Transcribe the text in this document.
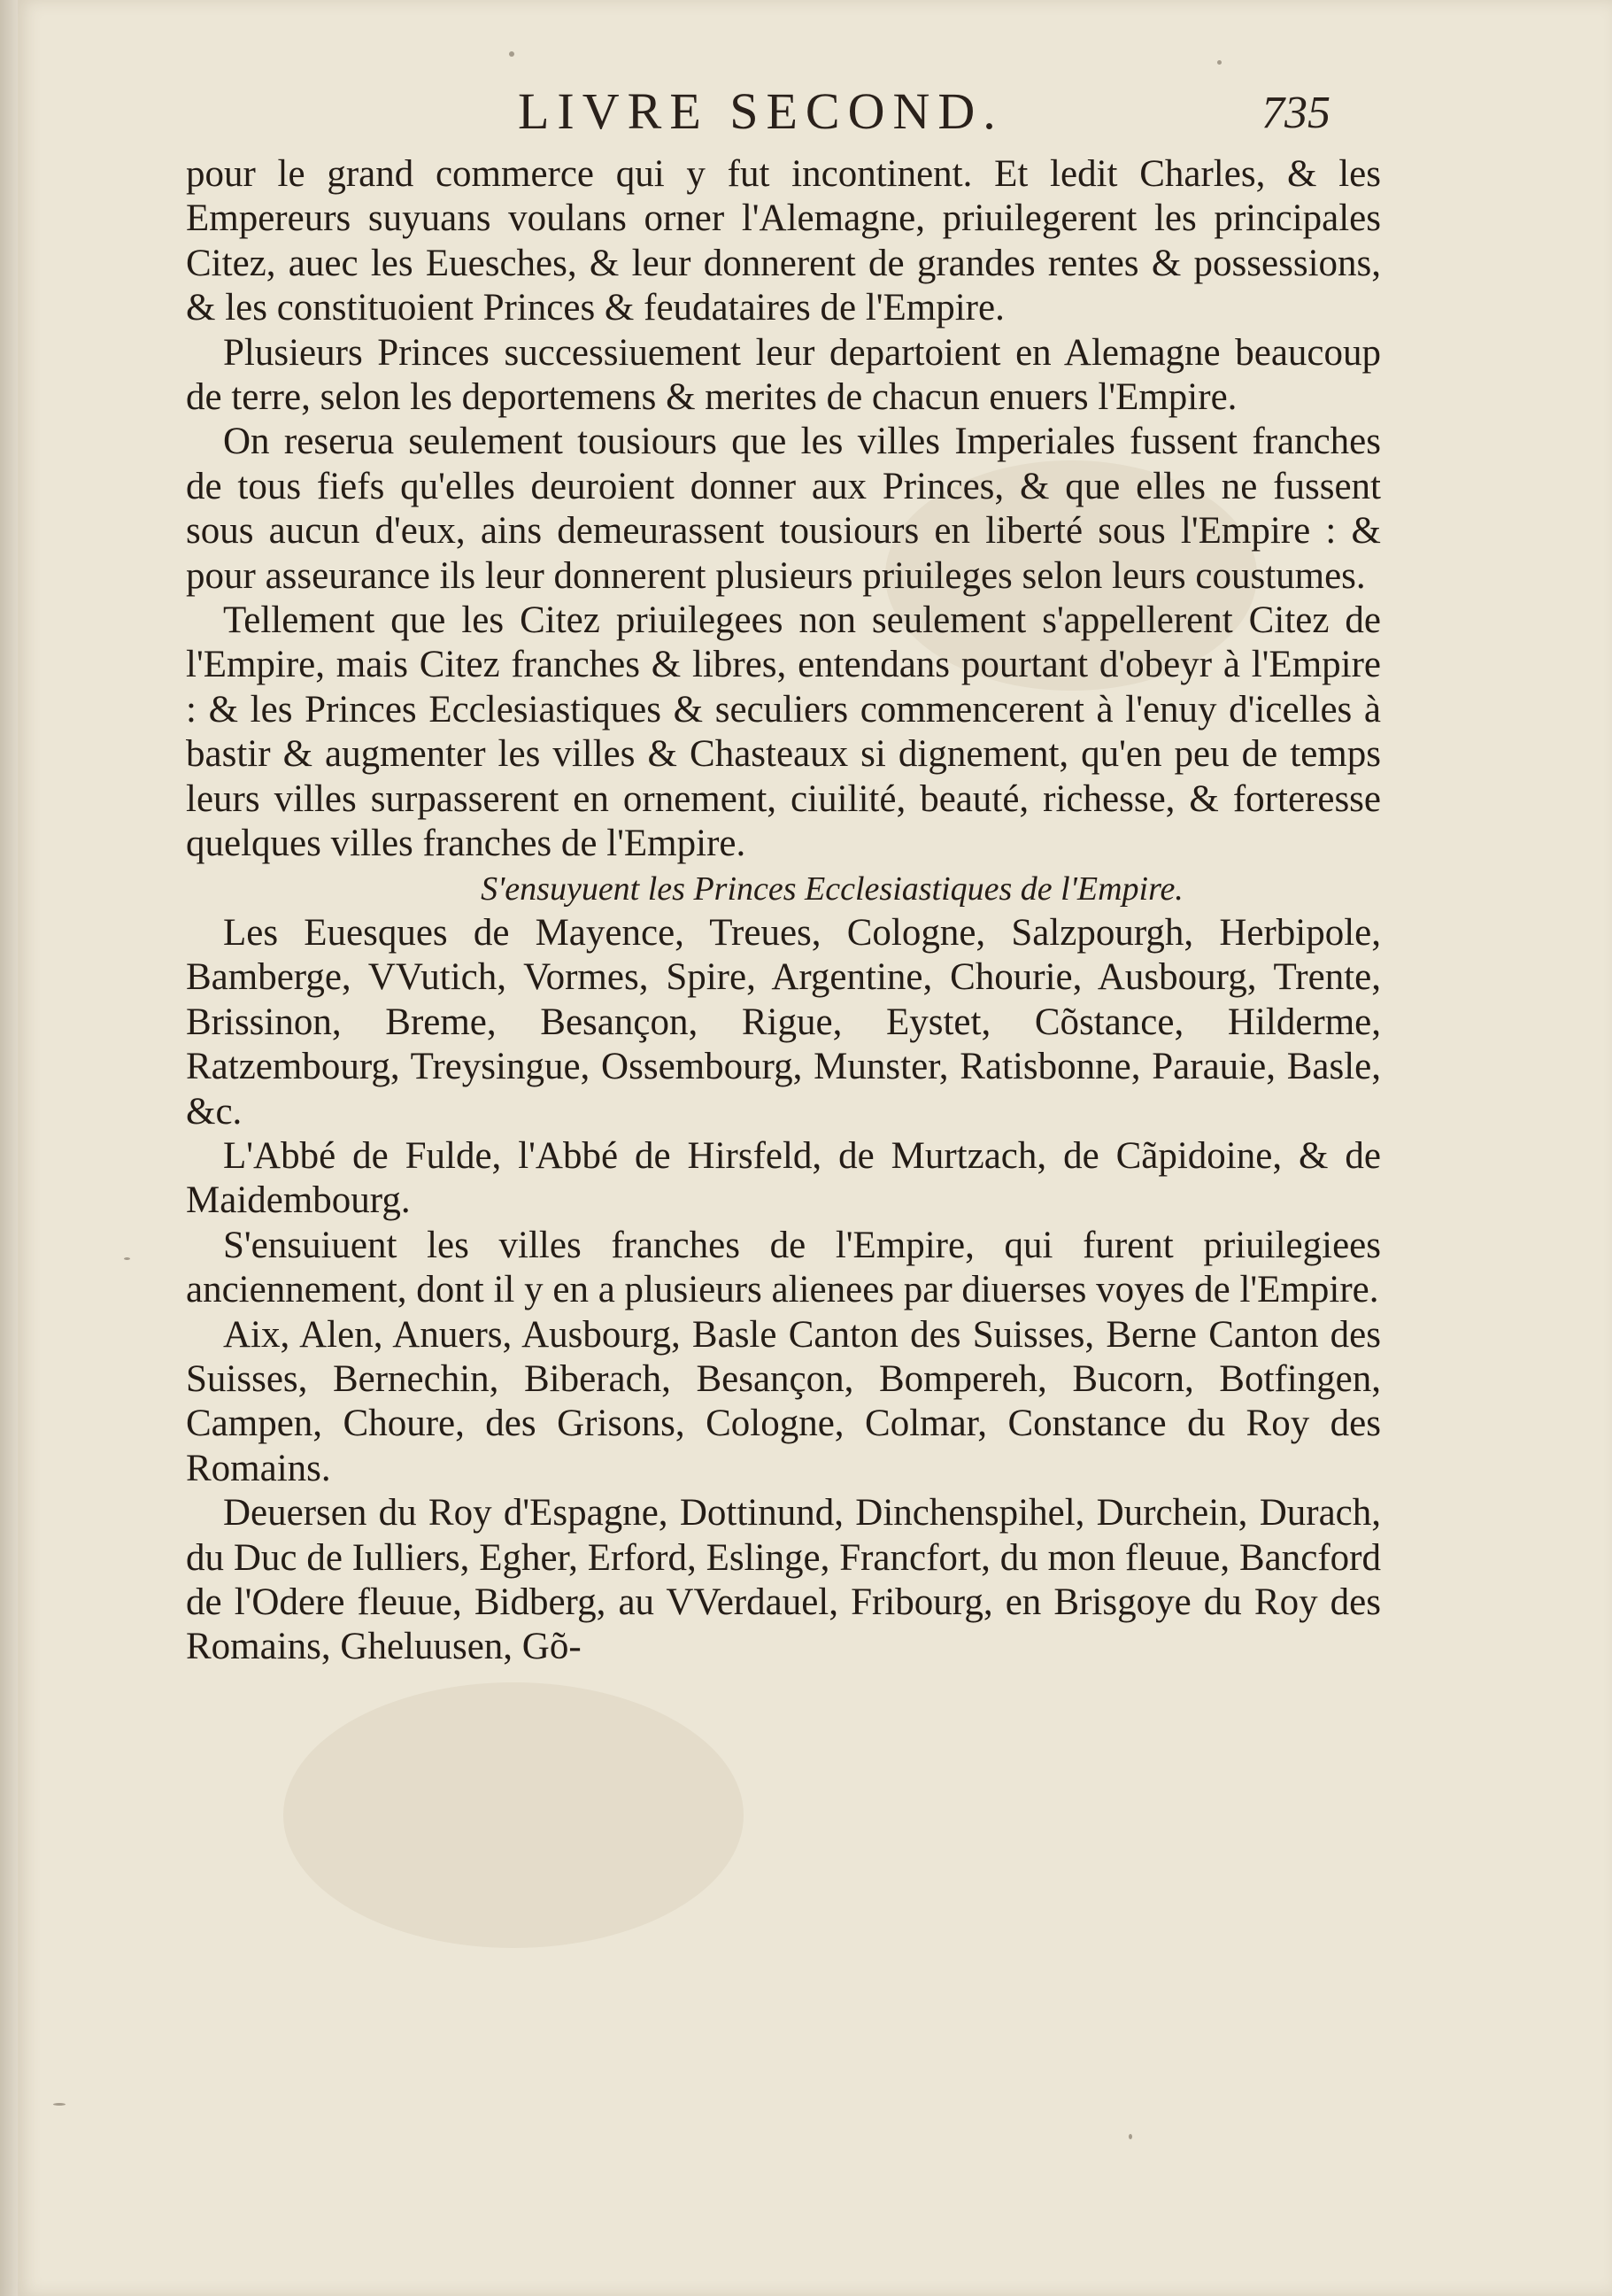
LIVRE SECOND.	735

pour le grand commerce qui y fut incontinent. Et ledit Charles, & les Empereurs suyuans voulans orner l'Alemagne, priuilegerent les principales Citez, auec les Euesches, & leur donnerent de grandes rentes & possessions, & les constituoient Princes & feudataires de l'Empire.

Plusieurs Princes successiuement leur departoient en Alemagne beaucoup de terre, selon les deportemens & merites de chacun enuers l'Empire.

On reserua seulement tousiours que les villes Imperiales fussent franches de tous fiefs qu'elles deuroient donner aux Princes, & que elles ne fussent sous aucun d'eux, ains demeurassent tousiours en liberté sous l'Empire : & pour asseurance ils leur donnerent plusieurs priuileges selon leurs coustumes.

Tellement que les Citez priuilegees non seulement s'appellerent Citez de l'Empire, mais Citez franches & libres, entendans pourtant d'obeyr à l'Empire : & les Princes Ecclesiastiques & seculiers commencerent à l'enuy d'icelles à bastir & augmenter les villes & Chasteaux si dignement, qu'en peu de temps leurs villes surpasserent en ornement, ciuilité, beauté, richesse, & forteresse quelques villes franches de l'Empire.

S'ensuyuent les Princes Ecclesiastiques de l'Empire.

Les Euesques de Mayence, Treues, Cologne, Salzpourgh, Herbipole, Bamberge, VVutich, Vormes, Spire, Argentine, Chourie, Ausbourg, Trente, Brissinon, Breme, Besançon, Rigue, Eystet, Cõstance, Hilderme, Ratzembourg, Treysingue, Ossembourg, Munster, Ratisbonne, Parauie, Basle, &c.

L'Abbé de Fulde, l'Abbé de Hirsfeld, de Murtzach, de Cãpidoine, & de Maidembourg.

S'ensuiuent les villes franches de l'Empire, qui furent priuilegiees anciennement, dont il y en a plusieurs alienees par diuerses voyes de l'Empire.

Aix, Alen, Anuers, Ausbourg, Basle Canton des Suisses, Berne Canton des Suisses, Bernechin, Biberach, Besançon, Bompereh, Bucorn, Botfingen, Campen, Choure, des Grisons, Cologne, Colmar, Constance du Roy des Romains.

Deuersen du Roy d'Espagne, Dottinund, Dinchenspihel, Durchein, Durach, du Duc de Iulliers, Egher, Erford, Eslinge, Francfort, du mon fleuue, Bancford de l'Odere fleuue, Bidberg, au VVerdauel, Fribourg, en Brisgoye du Roy des Romains, Gheluusen, Gõ-
